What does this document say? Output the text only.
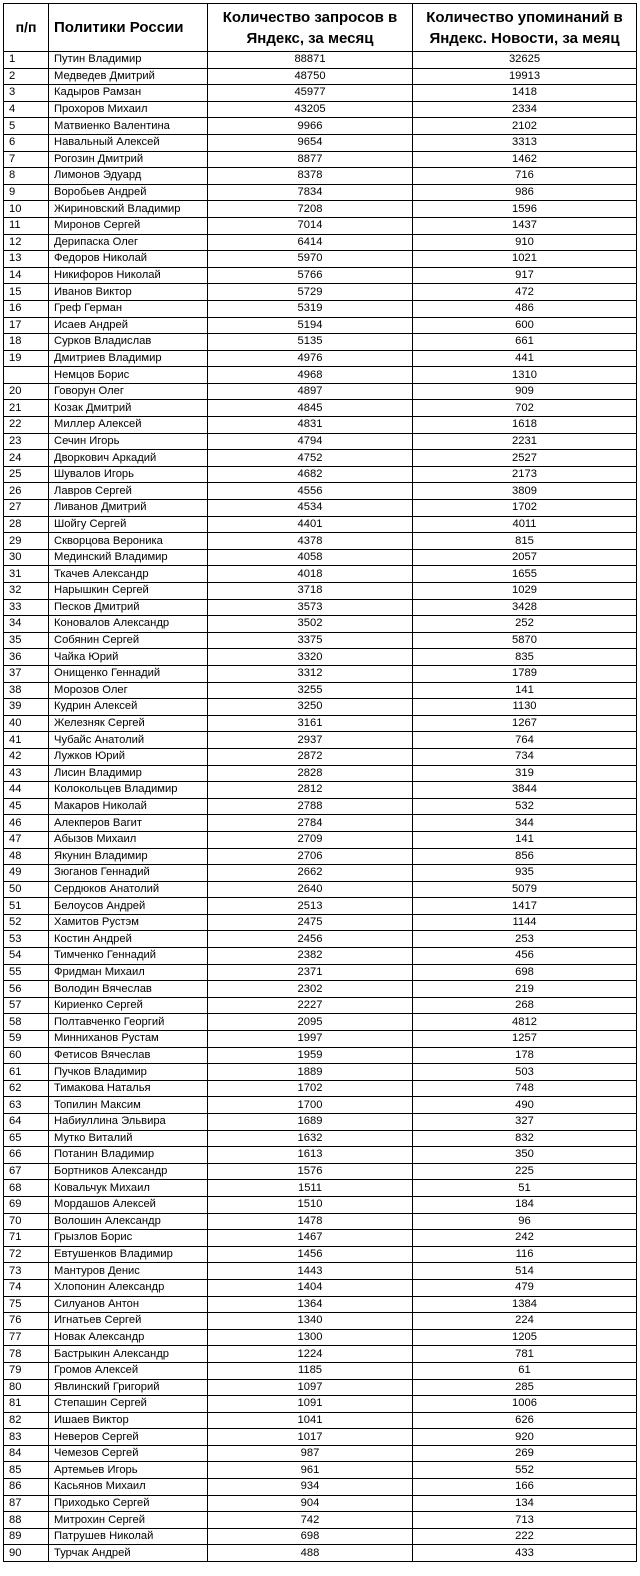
п/п	Политики России	Количество запросов в Яндекс, за месяц	Количество упоминаний в Яндекс. Новости, за меяц
1	Путин Владимир	88871	32625
2	Медведев Дмитрий	48750	19913
3	Кадыров Рамзан	45977	1418
4	Прохоров Михаил	43205	2334
5	Матвиенко Валентина	9966	2102
6	Навальный Алексей	9654	3313
7	Рогозин Дмитрий	8877	1462
8	Лимонов Эдуард	8378	716
9	Воробьев Андрей	7834	986
10	Жириновский Владимир	7208	1596
11	Миронов Сергей	7014	1437
12	Дерипаска Олег	6414	910
13	Федоров Николай	5970	1021
14	Никифоров Николай	5766	917
15	Иванов Виктор	5729	472
16	Греф Герман	5319	486
17	Исаев Андрей	5194	600
18	Сурков Владислав	5135	661
19	Дмитриев Владимир	4976	441
	Немцов Борис	4968	1310
20	Говорун Олег	4897	909
21	Козак Дмитрий	4845	702
22	Миллер Алексей	4831	1618
23	Сечин Игорь	4794	2231
24	Дворкович Аркадий	4752	2527
25	Шувалов Игорь	4682	2173
26	Лавров Сергей	4556	3809
27	Ливанов Дмитрий	4534	1702
28	Шойгу Сергей	4401	4011
29	Скворцова Вероника	4378	815
30	Мединский Владимир	4058	2057
31	Ткачев Александр	4018	1655
32	Нарышкин Сергей	3718	1029
33	Песков Дмитрий	3573	3428
34	Коновалов Александр	3502	252
35	Собянин Сергей	3375	5870
36	Чайка Юрий	3320	835
37	Онищенко Геннадий	3312	1789
38	Морозов Олег	3255	141
39	Кудрин Алексей	3250	1130
40	Железняк Сергей	3161	1267
41	Чубайс Анатолий	2937	764
42	Лужков Юрий	2872	734
43	Лисин Владимир	2828	319
44	Колокольцев Владимир	2812	3844
45	Макаров Николай	2788	532
46	Алекперов Вагит	2784	344
47	Абызов Михаил	2709	141
48	Якунин Владимир	2706	856
49	Зюганов Геннадий	2662	935
50	Сердюков Анатолий	2640	5079
51	Белоусов Андрей	2513	1417
52	Хамитов Рустэм	2475	1144
53	Костин Андрей	2456	253
54	Тимченко Геннадий	2382	456
55	Фридман Михаил	2371	698
56	Володин Вячеслав	2302	219
57	Кириенко Сергей	2227	268
58	Полтавченко Георгий	2095	4812
59	Минниханов Рустам	1997	1257
60	Фетисов Вячеслав	1959	178
61	Пучков Владимир	1889	503
62	Тимакова Наталья	1702	748
63	Топилин Максим	1700	490
64	Набиуллина Эльвира	1689	327
65	Мутко Виталий	1632	832
66	Потанин Владимир	1613	350
67	Бортников Александр	1576	225
68	Ковальчук Михаил	1511	51
69	Мордашов Алексей	1510	184
70	Волошин Александр	1478	96
71	Грызлов Борис	1467	242
72	Евтушенков Владимир	1456	116
73	Мантуров Денис	1443	514
74	Хлопонин Александр	1404	479
75	Силуанов Антон	1364	1384
76	Игнатьев Сергей	1340	224
77	Новак Александр	1300	1205
78	Бастрыкин Александр	1224	781
79	Громов Алексей	1185	61
80	Явлинский Григорий	1097	285
81	Степашин Сергей	1091	1006
82	Ишаев Виктор	1041	626
83	Неверов Сергей	1017	920
84	Чемезов Сергей	987	269
85	Артемьев Игорь	961	552
86	Касьянов Михаил	934	166
87	Приходько Сергей	904	134
88	Митрохин Сергей	742	713
89	Патрушев Николай	698	222
90	Турчак Андрей	488	433
